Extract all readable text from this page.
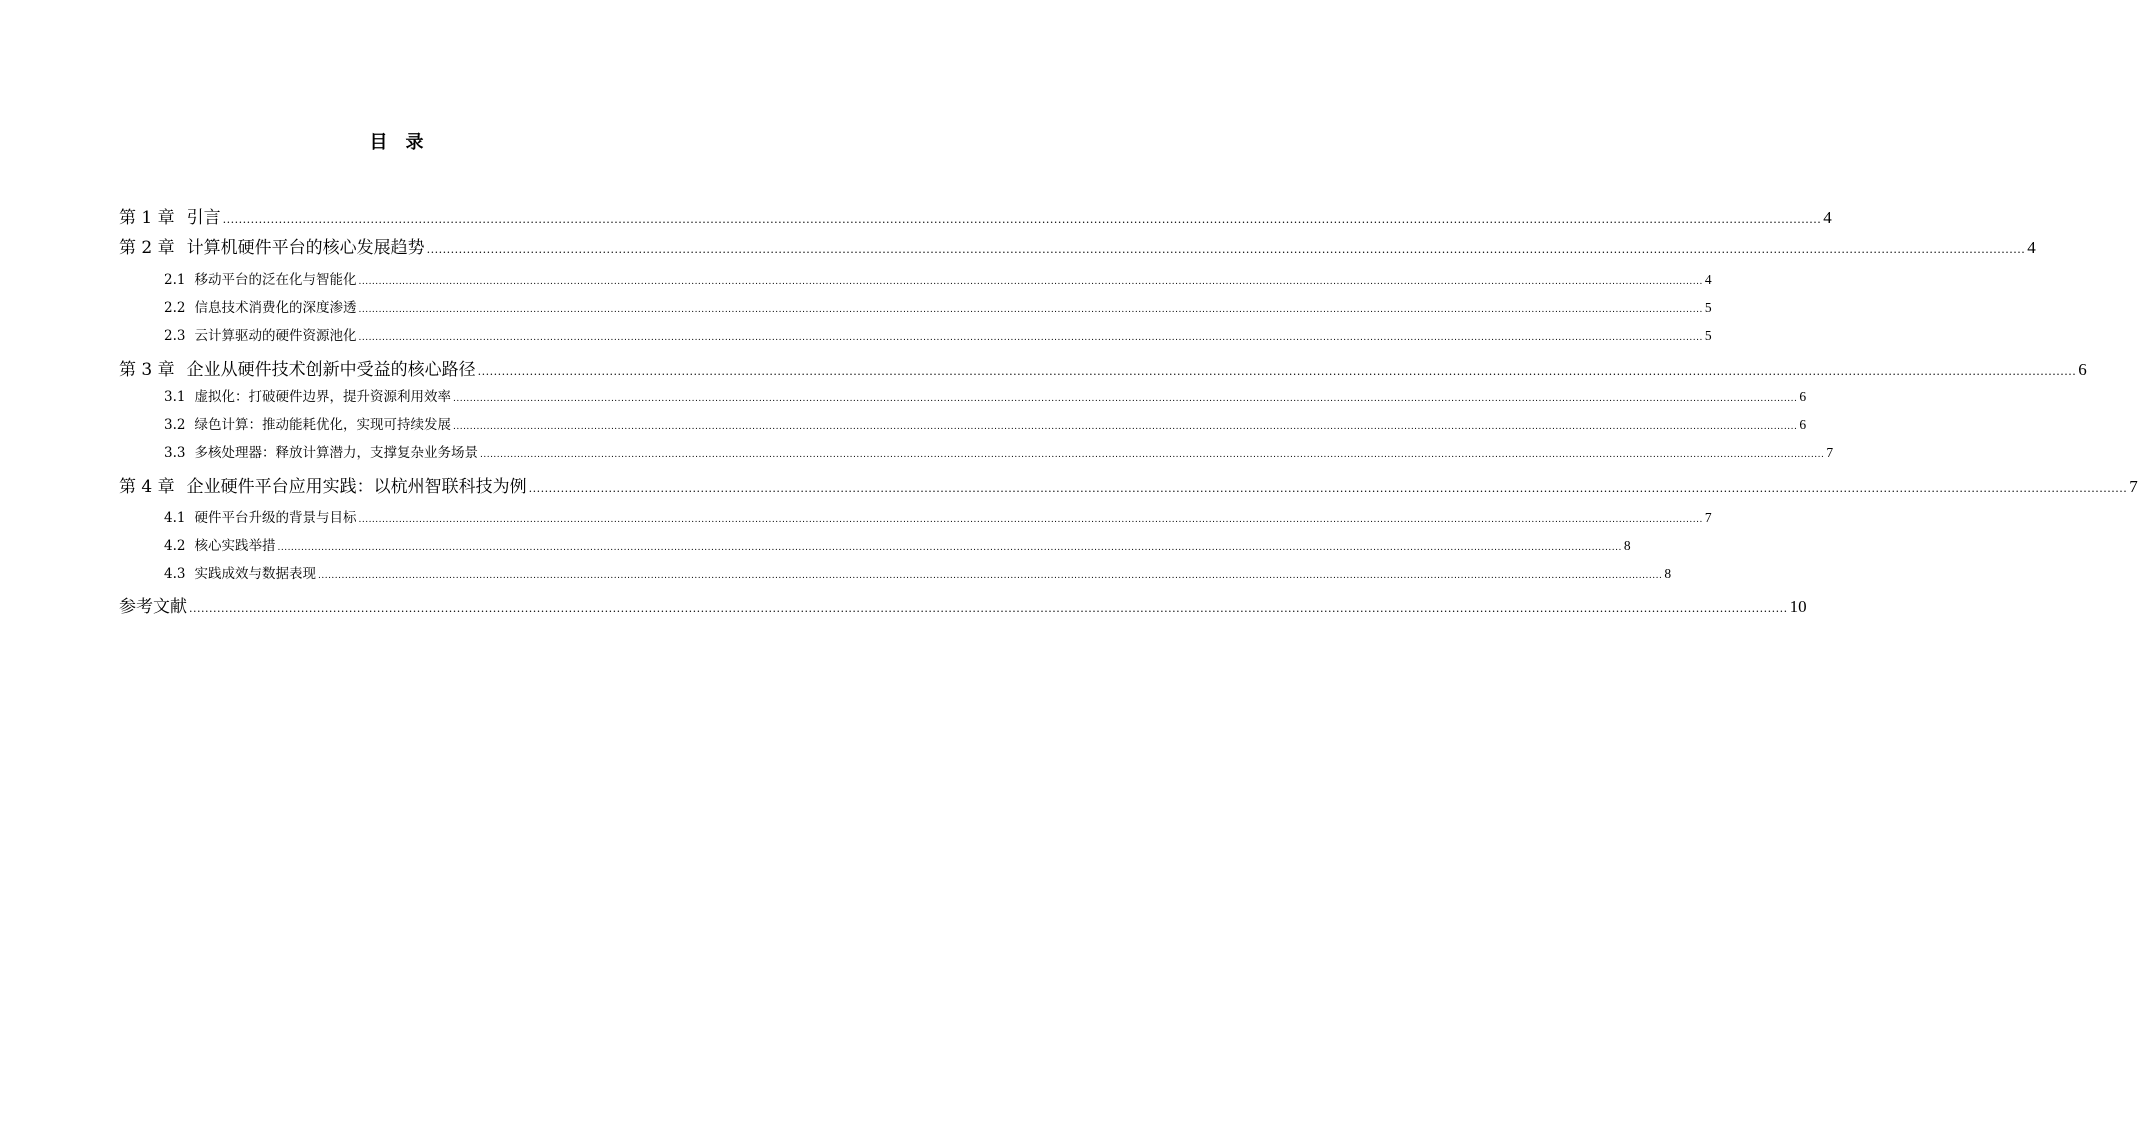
目 录
第 1 章 引言 ................................................................................................................................................................................................................................................................................................................................................................................................................ 4
第 2 章 计算机硬件平台的核心发展趋势 ................................................................................................................................................................................................................................................................................................................................................................................................................ 4
2.1 移动平台的泛在化与智能化 ................................................................................................................................................................................................................................................................................................................................................................................................................ 4
2.2 信息技术消费化的深度渗透 ................................................................................................................................................................................................................................................................................................................................................................................................................ 5
2.3 云计算驱动的硬件资源池化 ................................................................................................................................................................................................................................................................................................................................................................................................................ 5
第 3 章 企业从硬件技术创新中受益的核心路径 ................................................................................................................................................................................................................................................................................................................................................................................................................ 6
3.1 虚拟化：打破硬件边界，提升资源利用效率 ................................................................................................................................................................................................................................................................................................................................................................................................................ 6
3.2 绿色计算：推动能耗优化，实现可持续发展 ................................................................................................................................................................................................................................................................................................................................................................................................................ 6
3.3 多核处理器：释放计算潜力，支撑复杂业务场景 ................................................................................................................................................................................................................................................................................................................................................................................................................ 7
第 4 章 企业硬件平台应用实践：以杭州智联科技为例 ................................................................................................................................................................................................................................................................................................................................................................................................................ 7
4.1 硬件平台升级的背景与目标 ................................................................................................................................................................................................................................................................................................................................................................................................................ 7
4.2 核心实践举措 ................................................................................................................................................................................................................................................................................................................................................................................................................ 8
4.3 实践成效与数据表现 ................................................................................................................................................................................................................................................................................................................................................................................................................ 8
参考文献 ................................................................................................................................................................................................................................................................................................................................................................................................................ 10
